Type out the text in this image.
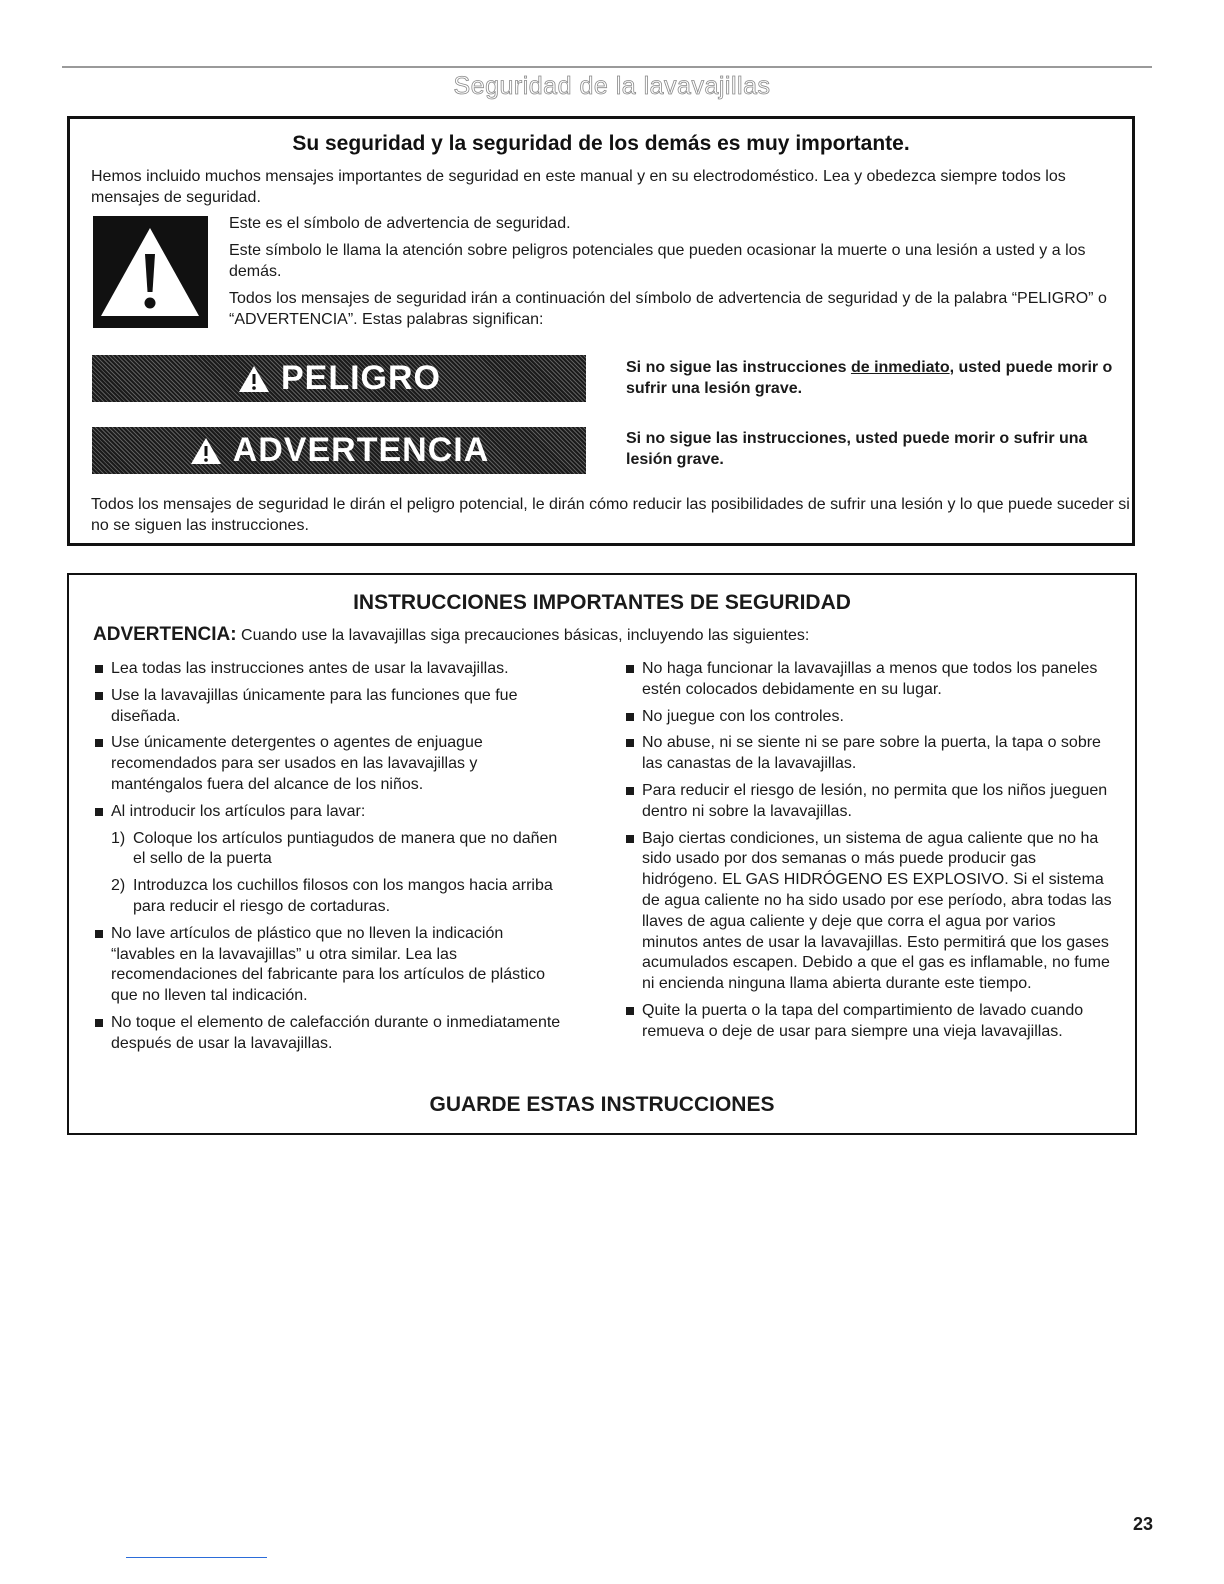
Seguridad de la lavavajillas
Su seguridad y la seguridad de los demás es muy importante.

Hemos incluido muchos mensajes importantes de seguridad en este manual y en su electrodoméstico. Lea y obedezca siempre todos los mensajes de seguridad.

Este es el símbolo de advertencia de seguridad.

Este símbolo le llama la atención sobre peligros potenciales que pueden ocasionar la muerte o una lesión a usted y a los demás.

Todos los mensajes de seguridad irán a continuación del símbolo de advertencia de seguridad y de la palabra “PELIGRO” o “ADVERTENCIA”. Estas palabras significan:

PELIGRO	Si no sigue las instrucciones de inmediato, usted puede morir o sufrir una lesión grave.

ADVERTENCIA	Si no sigue las instrucciones, usted puede morir o sufrir una lesión grave.

Todos los mensajes de seguridad le dirán el peligro potencial, le dirán cómo reducir las posibilidades de sufrir una lesión y lo que puede suceder si no se siguen las instrucciones.

INSTRUCCIONES IMPORTANTES DE SEGURIDAD

ADVERTENCIA: Cuando use la lavavajillas siga precauciones básicas, incluyendo las siguientes:

Lea todas las instrucciones antes de usar la lavavajillas.

Use la lavavajillas únicamente para las funciones que fue diseñada.

Use únicamente detergentes o agentes de enjuague recomendados para ser usados en las lavavajillas y manténgalos fuera del alcance de los niños.

Al introducir los artículos para lavar:

1) Coloque los artículos puntiagudos de manera que no dañen el sello de la puerta

2) Introduzca los cuchillos filosos con los mangos hacia arriba para reducir el riesgo de cortaduras.

No lave artículos de plástico que no lleven la indicación “lavables en la lavavajillas” u otra similar. Lea las recomendaciones del fabricante para los artículos de plástico que no lleven tal indicación.

No toque el elemento de calefacción durante o inmediatamente después de usar la lavavajillas.

No haga funcionar la lavavajillas a menos que todos los paneles estén colocados debidamente en su lugar.

No juegue con los controles.

No abuse, ni se siente ni se pare sobre la puerta, la tapa o sobre las canastas de la lavavajillas.

Para reducir el riesgo de lesión, no permita que los niños jueguen dentro ni sobre la lavavajillas.

Bajo ciertas condiciones, un sistema de agua caliente que no ha sido usado por dos semanas o más puede producir gas hidrógeno. EL GAS HIDRÓGENO ES EXPLOSIVO. Si el sistema de agua caliente no ha sido usado por ese período, abra todas las llaves de agua caliente y deje que corra el agua por varios minutos antes de usar la lavavajillas. Esto permitirá que los gases acumulados escapen. Debido a que el gas es inflamable, no fume ni encienda ninguna llama abierta durante este tiempo.

Quite la puerta o la tapa del compartimiento de lavado cuando remueva o deje de usar para siempre una vieja lavavajillas.

GUARDE ESTAS INSTRUCCIONES
23
